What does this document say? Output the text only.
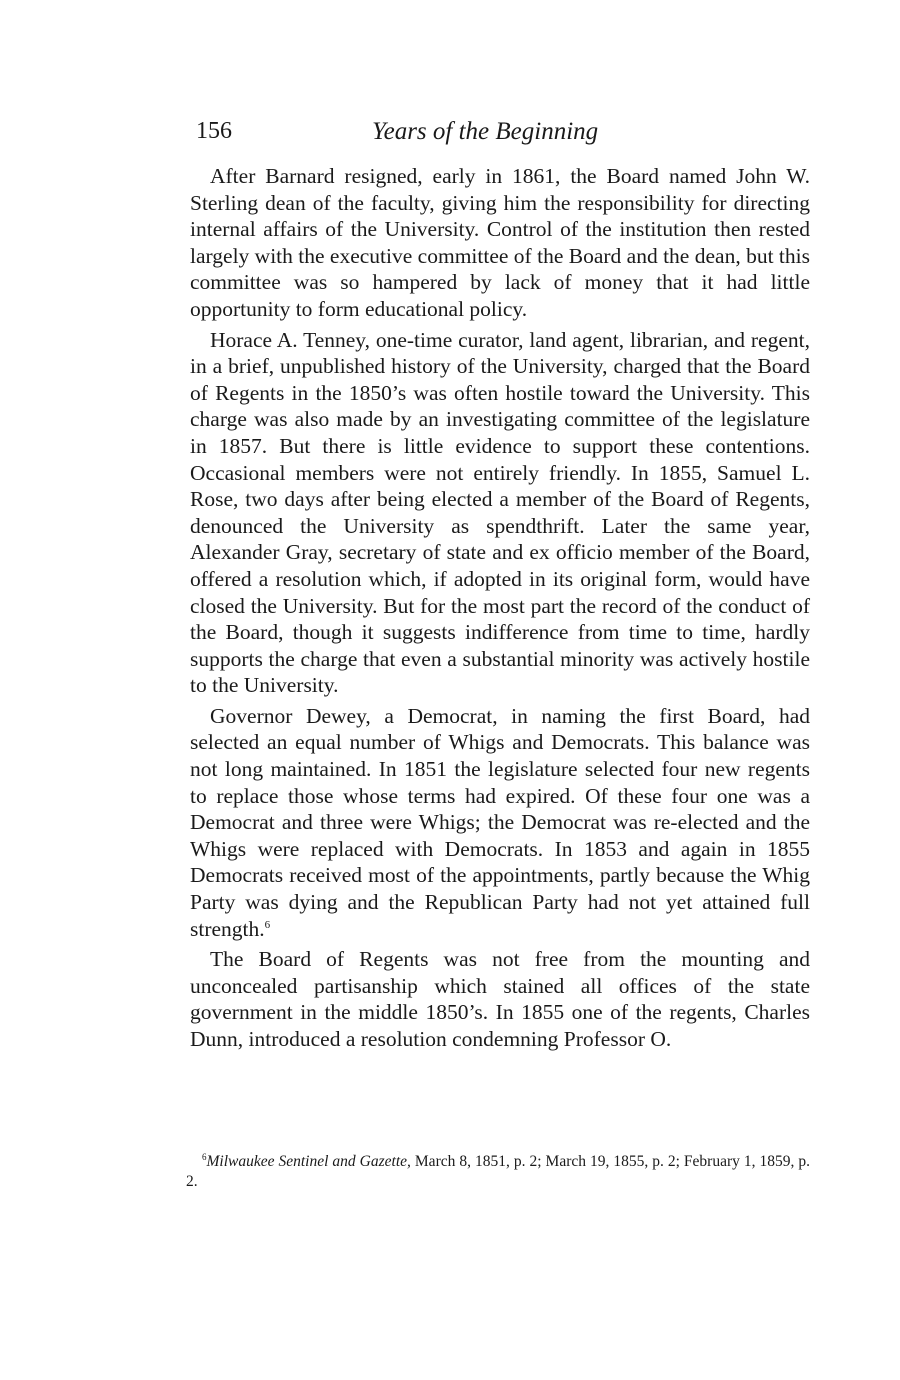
156	Years of the Beginning

After Barnard resigned, early in 1861, the Board named John W. Sterling dean of the faculty, giving him the responsibility for directing internal affairs of the University. Control of the institution then rested largely with the executive committee of the Board and the dean, but this committee was so hampered by lack of money that it had little opportunity to form educational policy.

Horace A. Tenney, one-time curator, land agent, librarian, and regent, in a brief, unpublished history of the University, charged that the Board of Regents in the 1850’s was often hostile toward the University. This charge was also made by an investigating committee of the legislature in 1857. But there is little evidence to support these contentions. Occasional members were not entirely friendly. In 1855, Samuel L. Rose, two days after being elected a member of the Board of Regents, denounced the University as spendthrift. Later the same year, Alexander Gray, secretary of state and ex officio member of the Board, offered a resolution which, if adopted in its original form, would have closed the University. But for the most part the record of the conduct of the Board, though it suggests indifference from time to time, hardly supports the charge that even a substantial minority was actively hostile to the University.

Governor Dewey, a Democrat, in naming the first Board, had selected an equal number of Whigs and Democrats. This balance was not long maintained. In 1851 the legislature selected four new regents to replace those whose terms had expired. Of these four one was a Democrat and three were Whigs; the Democrat was re-elected and the Whigs were replaced with Democrats. In 1853 and again in 1855 Democrats received most of the appointments, partly because the Whig Party was dying and the Republican Party had not yet attained full strength.$^6$

The Board of Regents was not free from the mounting and unconcealed partisanship which stained all offices of the state government in the middle 1850’s. In 1855 one of the regents, Charles Dunn, introduced a resolution condemning Professor O.

$^6$Milwaukee Sentinel and Gazette, March 8, 1851, p. 2; March 19, 1855, p. 2; February 1, 1859, p. 2.
